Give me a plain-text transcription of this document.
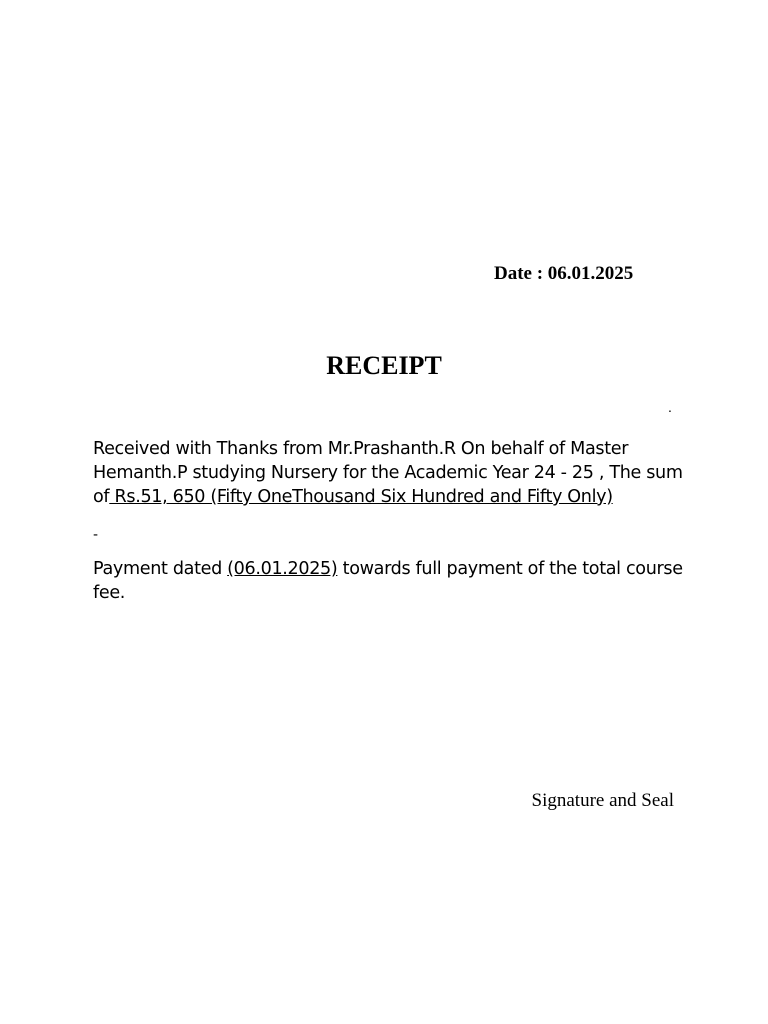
Date : 06.01.2025
RECEIPT
.
Received with Thanks from Mr.Prashanth.R On behalf of Master Hemanth.P studying Nursery for the Academic Year 24 - 25 , The sum of Rs.51, 650 (Fifty OneThousand Six Hundred and Fifty Only)
-
Payment dated (06.01.2025) towards full payment of the total course fee.
Signature and Seal
